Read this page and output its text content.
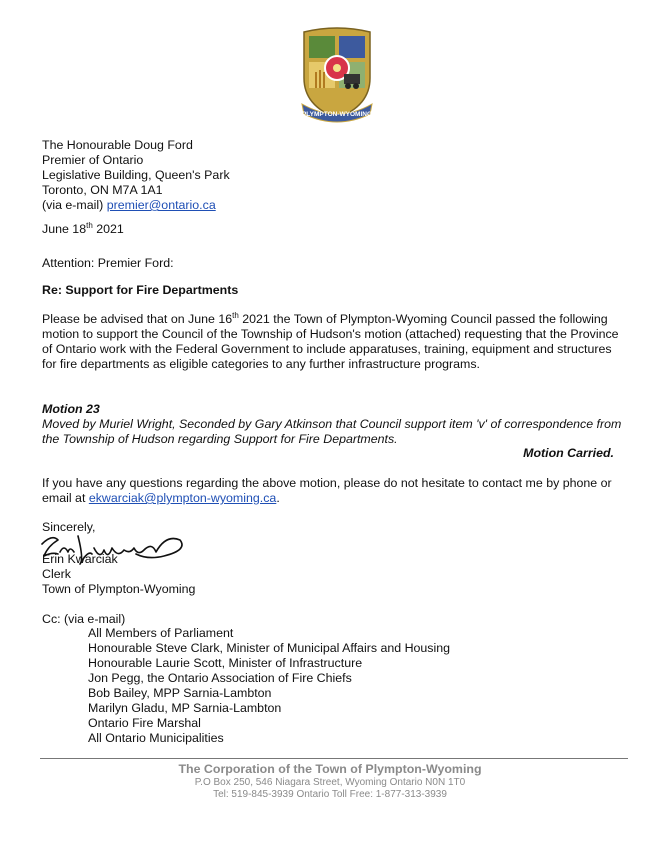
PLYMPTON-WYOMING
The Honourable Doug Ford
Premier of Ontario
Legislative Building, Queen's Park
Toronto, ON M7A 1A1
(via e-mail) premier@ontario.ca
June 18th 2021
Attention: Premier Ford:
Re: Support for Fire Departments
Please be advised that on June 16th 2021 the Town of Plympton-Wyoming Council passed the following motion to support the Council of the Township of Hudson's motion (attached) requesting that the Province of Ontario work with the Federal Government to include apparatuses, training, equipment and structures for fire departments as eligible categories to any further infrastructure programs.
Motion 23
Moved by Muriel Wright, Seconded by Gary Atkinson that Council support item 'v' of correspondence from the Township of Hudson regarding Support for Fire Departments.
Motion Carried.
If you have any questions regarding the above motion, please do not hesitate to contact me by phone or email at ekwarciak@plympton-wyoming.ca.
Sincerely,
Erin Kwarciak
Clerk
Town of Plympton-Wyoming
Cc: (via e-mail)
All Members of Parliament
Honourable Steve Clark, Minister of Municipal Affairs and Housing
Honourable Laurie Scott, Minister of Infrastructure
Jon Pegg, the Ontario Association of Fire Chiefs
Bob Bailey, MPP Sarnia-Lambton
Marilyn Gladu, MP Sarnia-Lambton
Ontario Fire Marshal
All Ontario Municipalities
The Corporation of the Town of Plympton-Wyoming
P.O Box 250, 546 Niagara Street, Wyoming Ontario N0N 1T0
Tel: 519-845-3939 Ontario Toll Free: 1-877-313-3939
